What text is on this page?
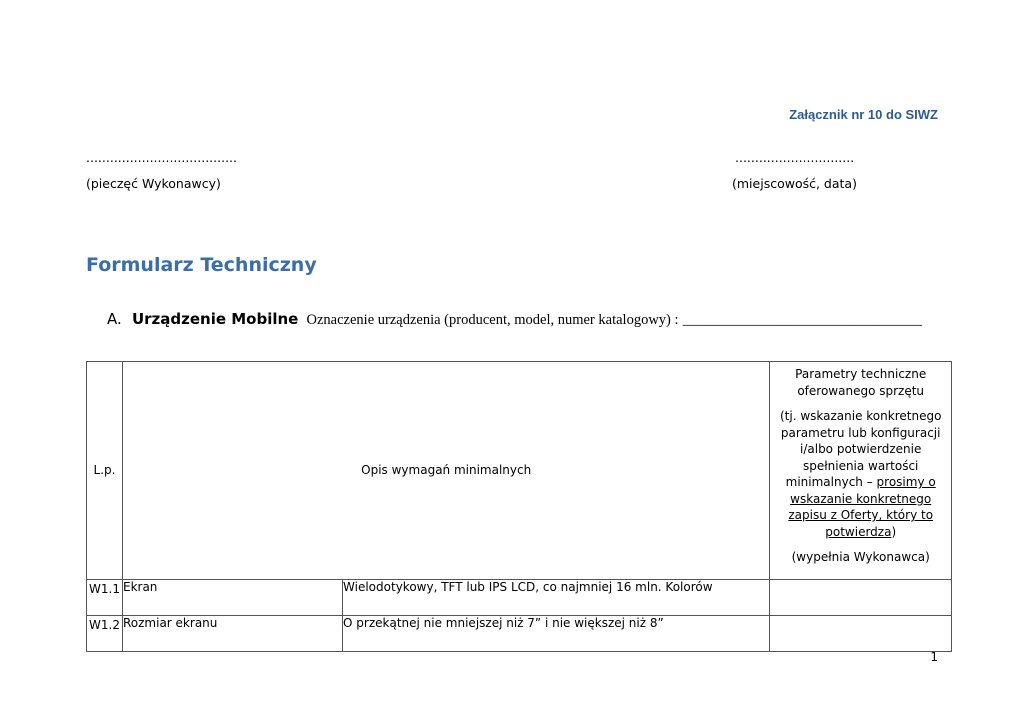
Załącznik nr 10 do SIWZ
......................................
(pieczęć Wykonawcy)
..............................
(miejscowość, data)
Formularz Techniczny
A. Urządzenie Mobilne Oznaczenie urządzenia (producent, model, numer katalogowy) : _________________________________
L.p.	Opis wymagań minimalnych		Parametry techniczne oferowanego sprzętu

(tj. wskazanie konkretnego parametru lub konfiguracji i/albo potwierdzenie spełnienia wartości minimalnych – prosimy o wskazanie konkretnego zapisu z Oferty, który to potwierdza)

(wypełnia Wykonawca)

W1.1	Ekran	Wielodotykowy, TFT lub IPS LCD, co najmniej 16 mln. Kolorów	
W1.2	Rozmiar ekranu	O przekątnej nie mniejszej niż 7” i nie większej niż 8”	
1
